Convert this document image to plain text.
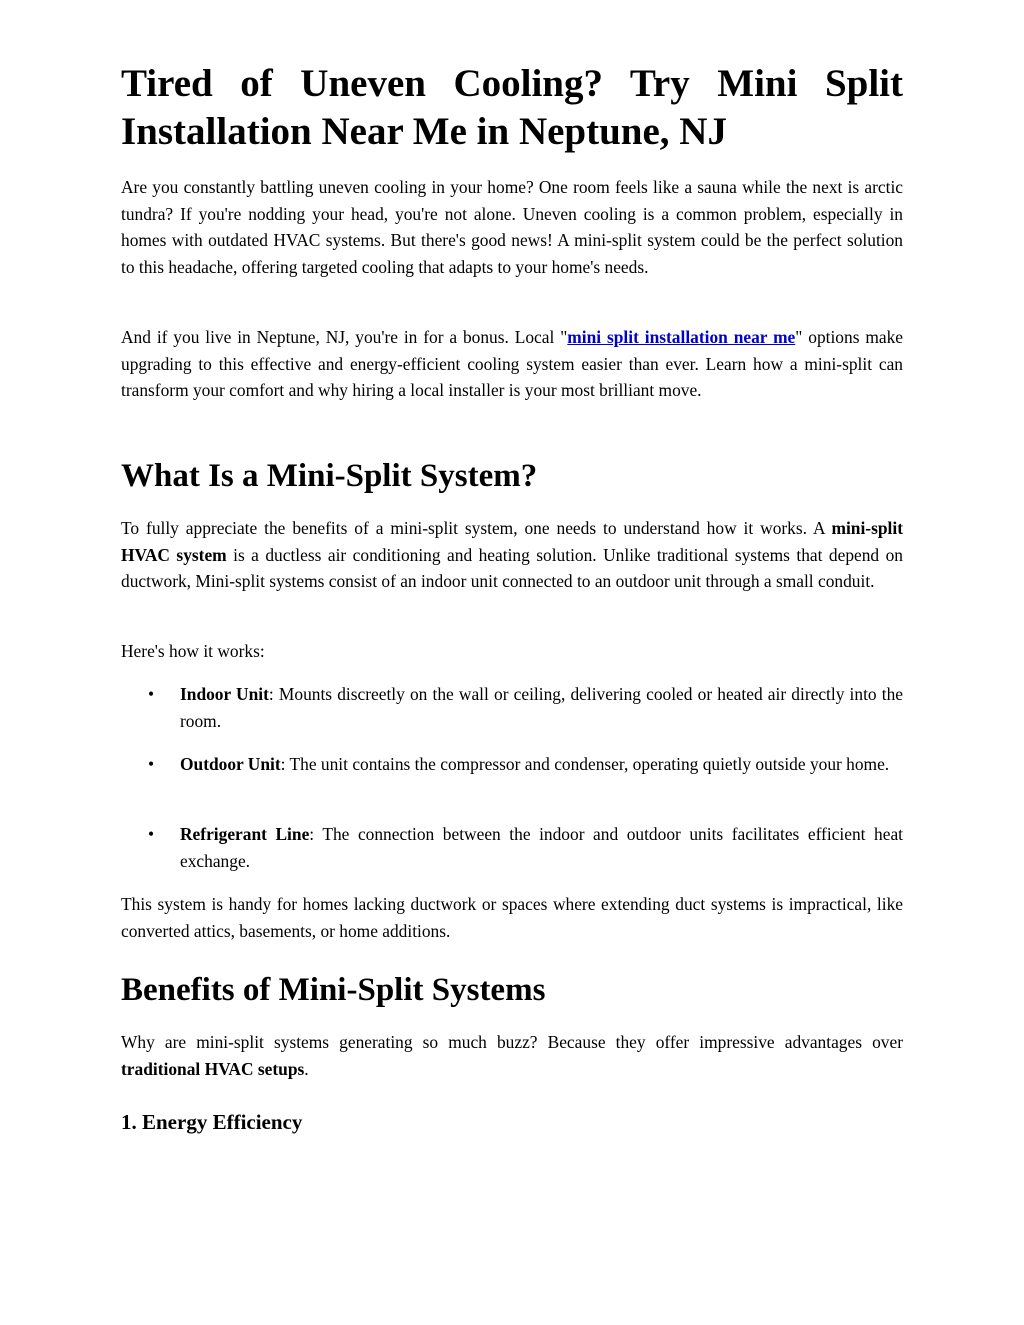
Tired of Uneven Cooling? Try Mini Split Installation Near Me in Neptune, NJ

Are you constantly battling uneven cooling in your home? One room feels like a sauna while the next is arctic tundra? If you're nodding your head, you're not alone. Uneven cooling is a common problem, especially in homes with outdated HVAC systems. But there's good news! A mini-split system could be the perfect solution to this headache, offering targeted cooling that adapts to your home's needs.

And if you live in Neptune, NJ, you're in for a bonus. Local "mini split installation near me" options make upgrading to this effective and energy-efficient cooling system easier than ever. Learn how a mini-split can transform your comfort and why hiring a local installer is your most brilliant move.

What Is a Mini-Split System?

To fully appreciate the benefits of a mini-split system, one needs to understand how it works. A mini-split HVAC system is a ductless air conditioning and heating solution. Unlike traditional systems that depend on ductwork, Mini-split systems consist of an indoor unit connected to an outdoor unit through a small conduit.

Here's how it works:

• Indoor Unit: Mounts discreetly on the wall or ceiling, delivering cooled or heated air directly into the room.
• Outdoor Unit: The unit contains the compressor and condenser, operating quietly outside your home.
• Refrigerant Line: The connection between the indoor and outdoor units facilitates efficient heat exchange.

This system is handy for homes lacking ductwork or spaces where extending duct systems is impractical, like converted attics, basements, or home additions.

Benefits of Mini-Split Systems

Why are mini-split systems generating so much buzz? Because they offer impressive advantages over traditional HVAC setups.

1. Energy Efficiency
